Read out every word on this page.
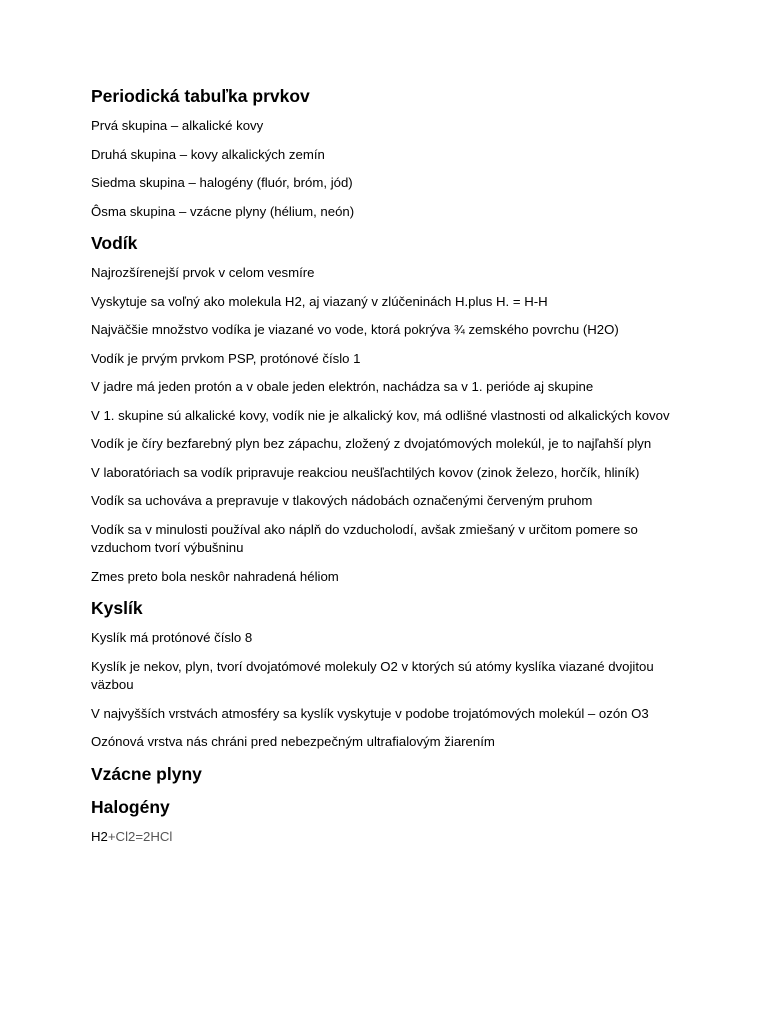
Periodická tabuľka prvkov

Prvá skupina – alkalické kovy

Druhá skupina – kovy alkalických zemín

Siedma skupina – halogény (fluór, bróm, jód)

Ôsma skupina – vzácne plyny (hélium, neón)

Vodík

Najrozšírenejší prvok v celom vesmíre

Vyskytuje sa voľný ako molekula H2, aj viazaný v zlúčeninách H.plus H. = H-H

Najväčšie množstvo vodíka je viazané vo vode, ktorá pokrýva ¾ zemského povrchu (H2O)

Vodík je prvým prvkom PSP, protónové číslo 1

V jadre má jeden protón a v obale jeden elektrón, nachádza sa v 1. perióde aj skupine

V 1. skupine sú alkalické kovy, vodík nie je alkalický kov, má odlišné vlastnosti od alkalických kovov

Vodík je číry bezfarebný plyn bez zápachu, zložený z dvojatómových molekúl, je to najľahší plyn

V laboratóriach sa vodík pripravuje reakciou neušľachtilých kovov (zinok železo, horčík, hliník)

Vodík sa uchováva a prepravuje v tlakových nádobách označenými červeným pruhom

Vodík sa v minulosti používal ako náplň do vzducholodí, avšak zmiešaný v určitom pomere so vzduchom tvorí výbušninu

Zmes preto bola neskôr nahradená héliom

Kyslík

Kyslík má protónové číslo 8

Kyslík je nekov, plyn, tvorí dvojatómové molekuly O2 v ktorých sú atómy kyslíka viazané dvojitou väzbou

V najvyšších vrstvách atmosféry sa kyslík vyskytuje v podobe trojatómových molekúl – ozón O3

Ozónová vrstva nás chráni pred nebezpečným ultrafialovým žiarením

Vzácne plyny
Halogény

H2+Cl2=2HCl
